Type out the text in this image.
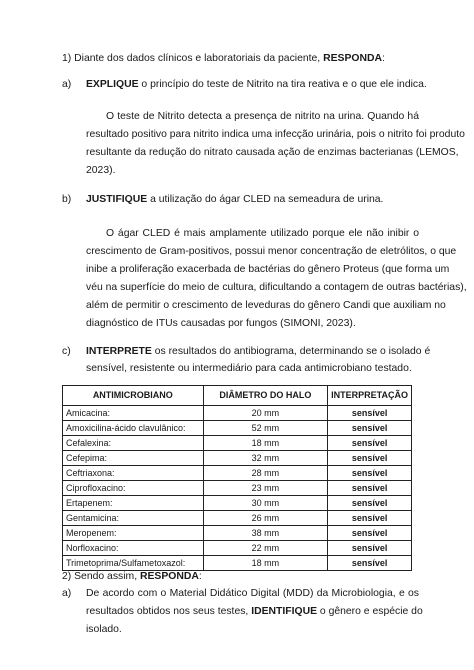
1) Diante dos dados clínicos e laboratoriais da paciente, RESPONDA:
a) EXPLIQUE o princípio do teste de Nitrito na tira reativa e o que ele indica.
O teste de Nitrito detecta a presença de nitrito na urina. Quando há
resultado positivo para nitrito indica uma infecção urinária, pois o nitrito foi produto
resultante da redução do nitrato causada ação de enzimas bacterianas (LEMOS,
2023).
b) JUSTIFIQUE a utilização do ágar CLED na semeadura de urina.
O ágar CLED é mais amplamente utilizado porque ele não inibir o
crescimento de Gram-positivos, possui menor concentração de eletrólitos, o que
inibe a proliferação exacerbada de bactérias do gênero Proteus (que forma um
véu na superfície do meio de cultura, dificultando a contagem de outras bactérias),
além de permitir o crescimento de leveduras do gênero Candi que auxiliam no
diagnóstico de ITUs causadas por fungos (SIMONI, 2023).
c) INTERPRETE os resultados do antibiograma, determinando se o isolado é
sensível, resistente ou intermediário para cada antimicrobiano testado.
ANTIMICROBIANO	DIÂMETRO DO HALO	INTERPRETAÇÃO
Amicacina:	20 mm	sensível
Amoxicilina-ácido clavulânico:	52 mm	sensível
Cefalexina:	18 mm	sensível
Cefepima:	32 mm	sensível
Ceftriaxona:	28 mm	sensível
Ciprofloxacino:	23 mm	sensível
Ertapenem:	30 mm	sensível
Gentamicina:	26 mm	sensível
Meropenem:	38 mm	sensível
Norfloxacino:	22 mm	sensível
Trimetoprima/Sulfametoxazol:	18 mm	sensível
2) Sendo assim, RESPONDA:
a) De acordo com o Material Didático Digital (MDD) da Microbiologia, e os
resultados obtidos nos seus testes, IDENTIFIQUE o gênero e espécie do
isolado.
